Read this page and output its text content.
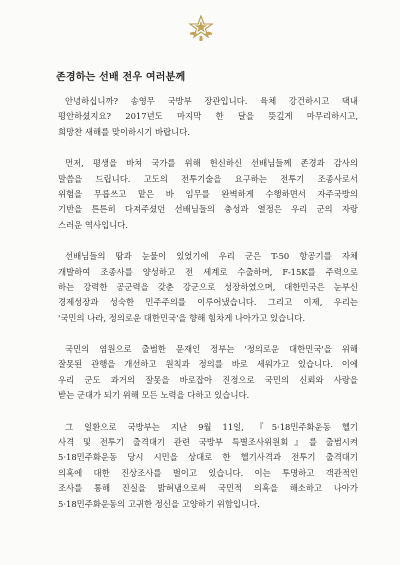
존경하는 선배 전우 여러분께
안녕하십니까? 송영무 국방부 장관입니다. 육체 강건하시고 댁내
평안하셨지요? 2017년도 마지막 한 달을 뜻깊게 마무리하시고,
희망찬 새해를 맞이하시기 바랍니다.
먼저, 평생을 바쳐 국가를 위해 헌신하신 선배님들께 존경과 감사의
말씀을 드립니다. 고도의 전투기술을 요구하는 전투기 조종사로서
위험을 무릅쓰고 맡은 바 임무를 완벽하게 수행하면서 자주국방의
기반을 튼튼히 다져주셨던 선배님들의 충성과 열정은 우리 군의 자랑
스러운 역사입니다.
선배님들의 땀과 눈물이 있었기에 우리 군은 T-50 항공기를 자체
개발하여 조종사를 양성하고 전 세계로 수출하며, F-15K를 주력으로
하는 강력한 공군력을 갖춘 강군으로 성장하였으며, 대한민국은 눈부신
경제성장과 성숙한 민주주의를 이루어냈습니다. 그리고 이제, 우리는
'국민의 나라, 정의로운 대한민국'을 향해 힘차게 나아가고 있습니다.
국민의 염원으로 출범한 문재인 정부는 '정의로운 대한민국'을 위해
잘못된 관행을 개선하고 원칙과 정의를 바로 세워가고 있습니다. 이에
우리 군도 과거의 잘못을 바로잡아 진정으로 국민의 신뢰와 사랑을
받는 군대가 되기 위해 모든 노력을 다하고 있습니다.
그 일환으로 국방부는 지난 9월 11일, 『5·18민주화운동 헬기
사격 및 전투기 출격대기 관련 국방부 특별조사위원회』를 출범시켜
5·18민주화운동 당시 시민을 상대로 한 헬기사격과 전투기 출격대기
의혹에 대한 진상조사를 벌이고 있습니다. 이는 투명하고 객관적인
조사를 통해 진실을 밝혀냄으로써 국민적 의혹을 해소하고 나아가
5·18민주화운동의 고귀한 정신을 고양하기 위함입니다.
